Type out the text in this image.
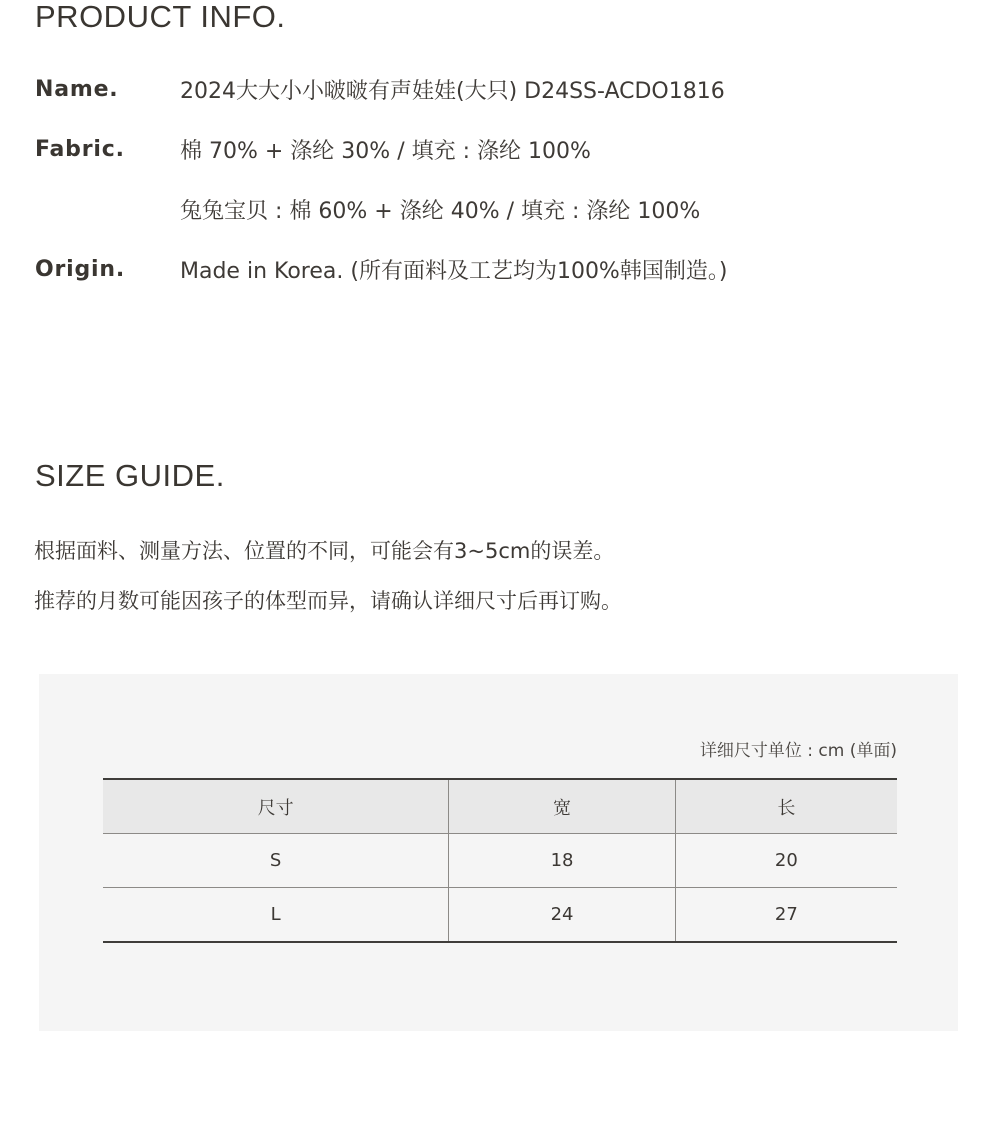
PRODUCT INFO.
Name.	2024大大小小啵啵有声娃娃(大只) D24SS-ACDO1816
Fabric.	棉 70% + 涤纶 30% / 填充 : 涤纶 100%
兔兔宝贝 : 棉 60% + 涤纶 40% / 填充 : 涤纶 100%
Origin.	Made in Korea. (所有面料及工艺均为100%韩国制造。)
SIZE GUIDE.

根据面料、测量方法、位置的不同，可能会有3~5cm的误差。

推荐的月数可能因孩子的体型而异，请确认详细尺寸后再订购。

详细尺寸单位 : cm (单面)
尺寸	宽	长
S	18	20
L	24	27
